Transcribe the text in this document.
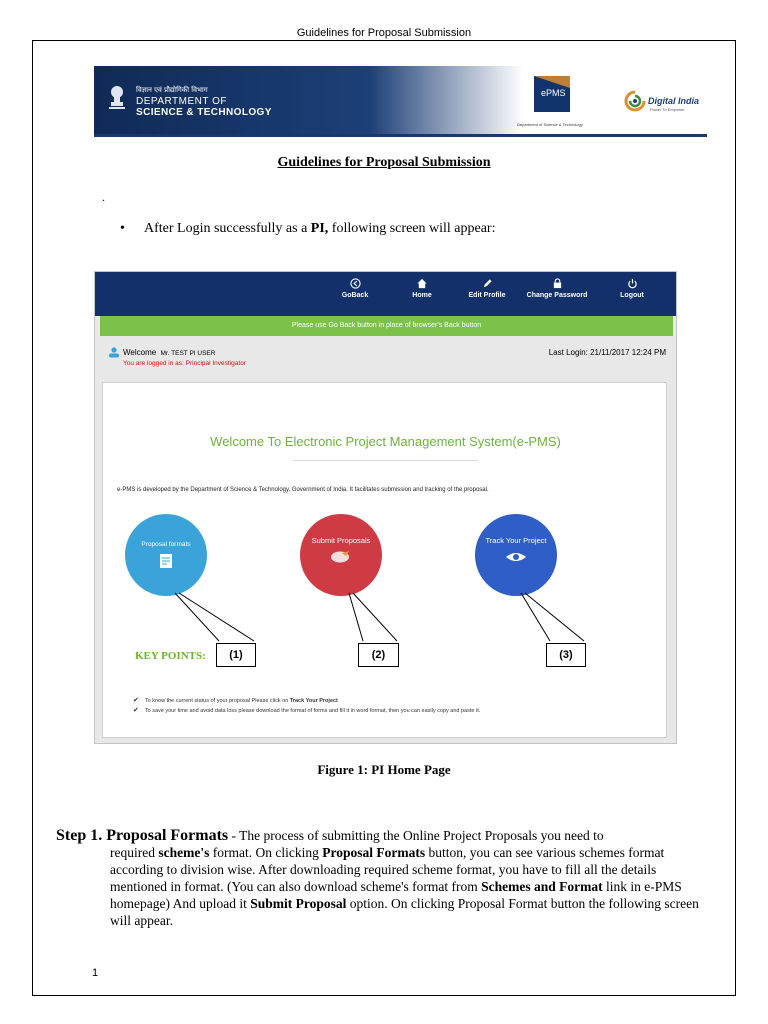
Guidelines for Proposal Submission
विज्ञान एवं प्रौद्योगिकी विभाग
DEPARTMENT OF
SCIENCE & TECHNOLOGY
ePMS
Department of Science & Technology
Digital India
Power To Empower
Guidelines for Proposal Submission
.
• After Login successfully as a PI, following screen will appear:
GoBack	Home	Edit Profile	Change Password	Logout
Please use Go Back button in place of browser's Back button
Welcome Mr. TEST PI USER
You are logged in as: Principal Investigator
Last Login: 21/11/2017 12:24 PM
Welcome To Electronic Project Management System(e-PMS)
e-PMS is developed by the Department of Science & Technology, Government of India. It facilitates submission and tracking of the proposal.
Proposal formats	Submit Proposals	Track Your Project
KEY POINTS:	(1)	(2)	(3)
✔ To know the current status of your proposal Please click on Track Your Project
✔ To save your time and avoid data loss please download the format of forms and fill it in word format, then you can easily copy and paste it.
Figure 1: PI Home Page
Step 1. Proposal Formats - The process of submitting the Online Project Proposals you need to
required scheme's format. On clicking Proposal Formats button, you can see various schemes format according to division wise. After downloading required scheme format, you have to fill all the details mentioned in format. (You can also download scheme's format from Schemes and Format link in e-PMS homepage) And upload it Submit Proposal option. On clicking Proposal Format button the following screen will appear.
1
